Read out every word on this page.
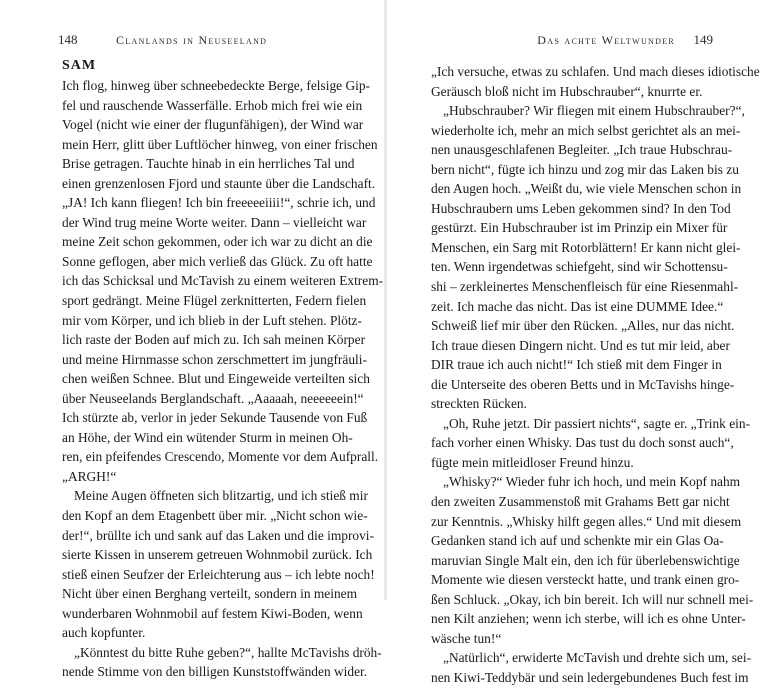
148	Clanlands in Neuseeland
SAM
Ich flog, hinweg über schneebedeckte Berge, felsige Gip-
fel und rauschende Wasserfälle. Erhob mich frei wie ein
Vogel (nicht wie einer der flugunfähigen), der Wind war
mein Herr, glitt über Luftlöcher hinweg, von einer frischen
Brise getragen. Tauchte hinab in ein herrliches Tal und
einen grenzenlosen Fjord und staunte über die Landschaft.
„JA! Ich kann fliegen! Ich bin freeeeeiiii!“, schrie ich, und
der Wind trug meine Worte weiter. Dann – vielleicht war
meine Zeit schon gekommen, oder ich war zu dicht an die
Sonne geflogen, aber mich verließ das Glück. Zu oft hatte
ich das Schicksal und McTavish zu einem weiteren Extrem-
sport gedrängt. Meine Flügel zerknitterten, Federn fielen
mir vom Körper, und ich blieb in der Luft stehen. Plötz-
lich raste der Boden auf mich zu. Ich sah meinen Körper
und meine Hirnmasse schon zerschmettert im jungfräuli-
chen weißen Schnee. Blut und Eingeweide verteilten sich
über Neuseelands Berglandschaft. „Aaaaah, neeeeeein!“
Ich stürzte ab, verlor in jeder Sekunde Tausende von Fuß
an Höhe, der Wind ein wütender Sturm in meinen Oh-
ren, ein pfeifendes Crescendo, Momente vor dem Aufprall.
„ARGH!“
Meine Augen öffneten sich blitzartig, und ich stieß mir
den Kopf an dem Etagenbett über mir. „Nicht schon wie-
der!“, brüllte ich und sank auf das Laken und die improvi-
sierte Kissen in unserem getreuen Wohnmobil zurück. Ich
stieß einen Seufzer der Erleichterung aus – ich lebte noch!
Nicht über einen Berghang verteilt, sondern in meinem
wunderbaren Wohnmobil auf festem Kiwi-Boden, wenn
auch kopfunter.
„Könntest du bitte Ruhe geben?“, hallte McTavishs dröh-
nende Stimme von den billigen Kunststoffwänden wider.
Das achte Weltwunder 149
„Ich versuche, etwas zu schlafen. Und mach dieses idiotische
Geräusch bloß nicht im Hubschrauber“, knurrte er.
„Hubschrauber? Wir fliegen mit einem Hubschrauber?“,
wiederholte ich, mehr an mich selbst gerichtet als an mei-
nen unausgeschlafenen Begleiter. „Ich traue Hubschrau-
bern nicht“, fügte ich hinzu und zog mir das Laken bis zu
den Augen hoch. „Weißt du, wie viele Menschen schon in
Hubschraubern ums Leben gekommen sind? In den Tod
gestürzt. Ein Hubschrauber ist im Prinzip ein Mixer für
Menschen, ein Sarg mit Rotorblättern! Er kann nicht glei-
ten. Wenn irgendetwas schiefgeht, sind wir Schottensu-
shi – zerkleinertes Menschenfleisch für eine Riesenmahl-
zeit. Ich mache das nicht. Das ist eine DUMME Idee.“
Schweiß lief mir über den Rücken. „Alles, nur das nicht.
Ich traue diesen Dingern nicht. Und es tut mir leid, aber
DIR traue ich auch nicht!“ Ich stieß mit dem Finger in
die Unterseite des oberen Betts und in McTavishs hinge-
streckten Rücken.
„Oh, Ruhe jetzt. Dir passiert nichts“, sagte er. „Trink ein-
fach vorher einen Whisky. Das tust du doch sonst auch“,
fügte mein mitleidloser Freund hinzu.
„Whisky?“ Wieder fuhr ich hoch, und mein Kopf nahm
den zweiten Zusammenstoß mit Grahams Bett gar nicht
zur Kenntnis. „Whisky hilft gegen alles.“ Und mit diesem
Gedanken stand ich auf und schenkte mir ein Glas Oa-
maruvian Single Malt ein, den ich für überlebenswichtige
Momente wie diesen versteckt hatte, und trank einen gro-
ßen Schluck. „Okay, ich bin bereit. Ich will nur schnell mei-
nen Kilt anziehen; wenn ich sterbe, will ich es ohne Unter-
wäsche tun!“
„Natürlich“, erwiderte McTavish und drehte sich um, sei-
nen Kiwi-Teddybär und sein ledergebundenes Buch fest im
